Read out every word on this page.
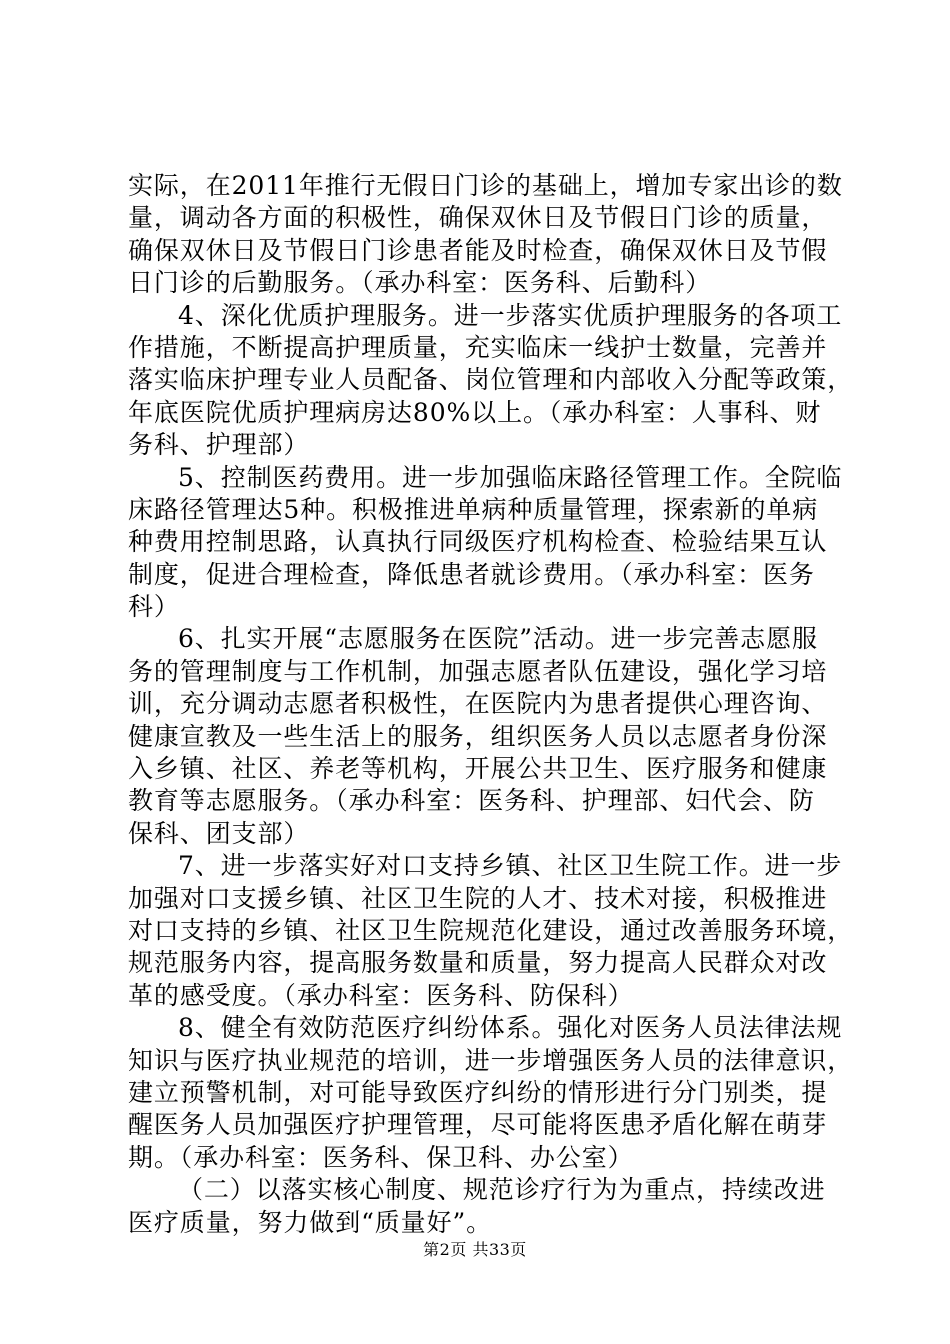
实际，在2011年推行无假日门诊的基础上，增加专家出诊的数
量，调动各方面的积极性，确保双休日及节假日门诊的质量，
确保双休日及节假日门诊患者能及时检查，确保双休日及节假
日门诊的后勤服务。（承办科室：医务科、后勤科）
4、深化优质护理服务。进一步落实优质护理服务的各项工
作措施，不断提高护理质量，充实临床一线护士数量，完善并
落实临床护理专业人员配备、岗位管理和内部收入分配等政策，
年底医院优质护理病房达80%以上。（承办科室：人事科、财
务科、护理部）
5、控制医药费用。进一步加强临床路径管理工作。全院临
床路径管理达5种。积极推进单病种质量管理，探索新的单病
种费用控制思路，认真执行同级医疗机构检查、检验结果互认
制度，促进合理检查，降低患者就诊费用。（承办科室：医务
科）
6、扎实开展“志愿服务在医院”活动。进一步完善志愿服
务的管理制度与工作机制，加强志愿者队伍建设，强化学习培
训，充分调动志愿者积极性，在医院内为患者提供心理咨询、
健康宣教及一些生活上的服务，组织医务人员以志愿者身份深
入乡镇、社区、养老等机构，开展公共卫生、医疗服务和健康
教育等志愿服务。（承办科室：医务科、护理部、妇代会、防
保科、团支部）
7、进一步落实好对口支持乡镇、社区卫生院工作。进一步
加强对口支援乡镇、社区卫生院的人才、技术对接，积极推进
对口支持的乡镇、社区卫生院规范化建设，通过改善服务环境，
规范服务内容，提高服务数量和质量，努力提高人民群众对改
革的感受度。（承办科室：医务科、防保科）
8、健全有效防范医疗纠纷体系。强化对医务人员法律法规
知识与医疗执业规范的培训，进一步增强医务人员的法律意识，
建立预警机制，对可能导致医疗纠纷的情形进行分门别类，提
醒医务人员加强医疗护理管理，尽可能将医患矛盾化解在萌芽
期。（承办科室：医务科、保卫科、办公室）
（二）以落实核心制度、规范诊疗行为为重点，持续改进
医疗质量，努力做到“质量好”。
第2页 共33页
